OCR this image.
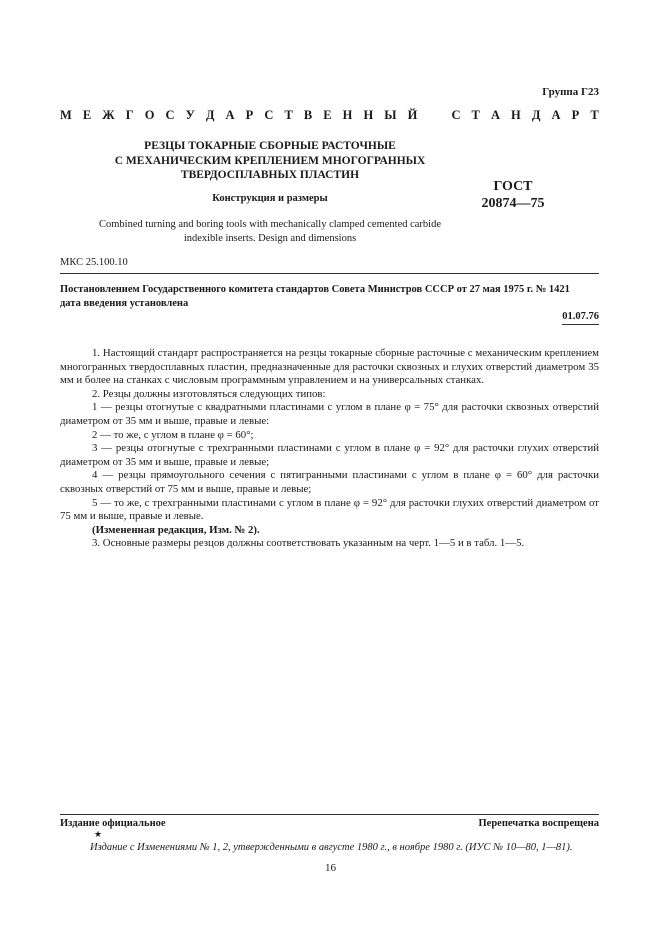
Группа Г23
М Е Ж Г О С У Д А Р С Т В Е Н Н Ы Й	С Т А Н Д А Р Т
РЕЗЦЫ ТОКАРНЫЕ СБОРНЫЕ РАСТОЧНЫЕ
С МЕХАНИЧЕСКИМ КРЕПЛЕНИЕМ МНОГОГРАННЫХ
ТВЕРДОСПЛАВНЫХ ПЛАСТИН
Конструкция и размеры
ГОСТ
20874—75
Combined turning and boring tools with mechanically clamped cemented carbide
indexible inserts. Design and dimensions
МКС 25.100.10
Постановлением Государственного комитета стандартов Совета Министров СССР от 27 мая 1975 г. № 1421
дата введения установлена
01.07.76

1. Настоящий стандарт распространяется на резцы токарные сборные расточные с механическим креплением многогранных твердосплавных пластин, предназначенные для расточки сквозных и глухих отверстий диаметром 35 мм и более на станках с числовым программным управлением и на универсальных станках.

2. Резцы должны изготовляться следующих типов:

1 — резцы отогнутые с квадратными пластинами с углом в плане φ = 75° для расточки сквозных отверстий диаметром от 35 мм и выше, правые и левые:

2 — то же, с углом в плане φ = 60°;

3 — резцы отогнутые с трехгранными пластинами с углом в плане φ = 92° для расточки глухих отверстий диаметром от 35 мм и выше, правые и левые;

4 — резцы прямоугольного сечения с пятигранными пластинами с углом в плане φ = 60° для расточки сквозных отверстий от 75 мм и выше, правые и левые;

5 — то же, с трехгранными пластинами с углом в плане φ = 92° для расточки глухих отверстий диаметром от 75 мм и выше, правые и левые.

(Измененная редакция, Изм. № 2).

3. Основные размеры резцов должны соответствовать указанным на черт. 1—5 и в табл. 1—5.

Издание официальное	Перепечатка воспрещена
★
Издание с Изменениями № 1, 2, утвержденными в августе 1980 г., в ноябре 1980 г. (ИУС № 10—80, 1—81).
16
